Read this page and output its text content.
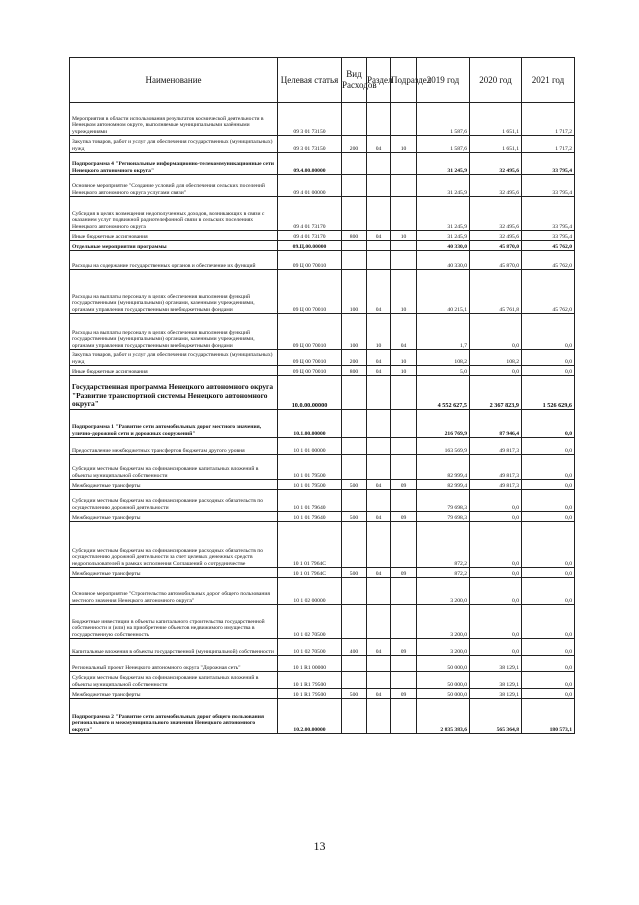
Наименование	Целевая статья	Вид Расходов	Раздел	Подраздел	2019 год	2020 год	2021 год
Мероприятия в области использования результатов космической деятельности в Ненецком автономном округе, выполняемые муниципальными казёнными учреждениями	09 3 01 73150				1 587,6	1 651,1	1 717,2
Закупка товаров, работ и услуг для обеспечения государственных (муниципальных) нужд	09 3 01 73150	200	04	10	1 587,6	1 651,1	1 717,2
Подпрограмма 4 "Региональные информационно-телекоммуникационные сети Ненецкого автономного округа"	09.4.00.00000				31 245,9	32 495,6	33 795,4
Основное мероприятие "Создание условий для обеспечения сельских поселений Ненецкого автономного округа услугами связи"	09 4 01 00000				31 245,9	32 495,6	33 795,4
Субсидия в целях возмещения недополученных доходов, возникающих в связи с оказанием услуг подвижной радиотелефонной связи в сельских поселениях Ненецкого автономного округа	09 4 01 73170				31 245,9	32 495,6	33 795,4
Иные бюджетные ассигнования	09 4 01 73170	800	04	10	31 245,9	32 495,6	33 795,4
Отдельные мероприятия программы	09.Ц.00.00000				40 330,0	45 870,0	45 762,0
Расходы на содержание государственных органов и обеспечение их функций	09 Ц 00 70010				40 330,0	45 870,0	45 762,0
Расходы на выплаты персоналу в целях обеспечения выполнения функций государственными (муниципальными) органами, казенными учреждениями, органами управления государственными внебюджетными фондами	09 Ц 00 70010	100	04	10	40 215,1	45 761,8	45 762,0
Расходы на выплаты персоналу в целях обеспечения выполнения функций государственными (муниципальными) органами, казенными учреждениями, органами управления государственными внебюджетными фондами	09 Ц 00 70010	100	10	04	1,7	0,0	0,0
Закупка товаров, работ и услуг для обеспечения государственных (муниципальных) нужд	09 Ц 00 70010	200	04	10	108,2	108,2	0,0
Иные бюджетные ассигнования	09 Ц 00 70010	800	04	10	5,0	0,0	0,0
Государственная программа Ненецкого автономного округа "Развитие транспортной системы Ненецкого автономного округа"	10.0.00.00000				4 552 627,5	2 367 823,9	1 526 629,6
Подпрограмма 1 "Развитие сети автомобильных дорог местного значения, улично-дорожной сети и дорожных сооружений"	10.1.00.00000				216 769,9	87 946,4	0,0
Предоставление межбюджетных трансфертов бюджетам другого уровня	10 1 01 00000				163 569,9	49 817,3	0,0
Субсидии местным бюджетам на софинансирование капитальных вложений в объекты муниципальной собственности	10 1 01 79500				82 999,4	49 817,3	0,0
Межбюджетные трансферты	10 1 01 79500	500	04	09	82 999,4	49 817,3	0,0
Субсидии местным бюджетам на софинансирование расходных обязательств по осуществлению дорожной деятельности	10 1 01 79640				79 698,3	0,0	0,0
Межбюджетные трансферты	10 1 01 79640	500	04	09	79 698,3	0,0	0,0
Субсидии местным бюджетам на софинансирование расходных обязательств по осуществлению дорожной деятельности за счет целевых денежных средств недропользователей в рамках исполнения Соглашений о сотрудничестве	10 1 01 7964С				872,2	0,0	0,0
Межбюджетные трансферты	10 1 01 7964С	500	04	09	872,2	0,0	0,0
Основное мероприятие "Строительство автомобильных дорог общего пользования местного значения Ненецкого автономного округа"	10 1 02 00000				3 200,0	0,0	0,0
Бюджетные инвестиции в объекты капитального строительства государственной собственности и (или) на приобретение объектов недвижимого имущества в государственную собственность	10 1 02 70500				3 200,0	0,0	0,0
Капитальные вложения в объекты государственной (муниципальной) собственности	10 1 02 70500	400	04	09	3 200,0	0,0	0,0
Региональный проект Ненецкого автономного округа "Дорожная сеть"	10 1 R1 00000				50 000,0	38 129,1	0,0
Субсидии местным бюджетам на софинансирование капитальных вложений в объекты муниципальной собственности	10 1 R1 79500				50 000,0	38 129,1	0,0
Межбюджетные трансферты	10 1 R1 79500	500	04	09	50 000,0	38 129,1	0,0
Подпрограмма 2 "Развитие сети автомобильных дорог общего пользования регионального и межмуниципального значения Ненецкого автономного округа"	10.2.00.00000				2 835 383,6	565 364,8	180 573,1
13
